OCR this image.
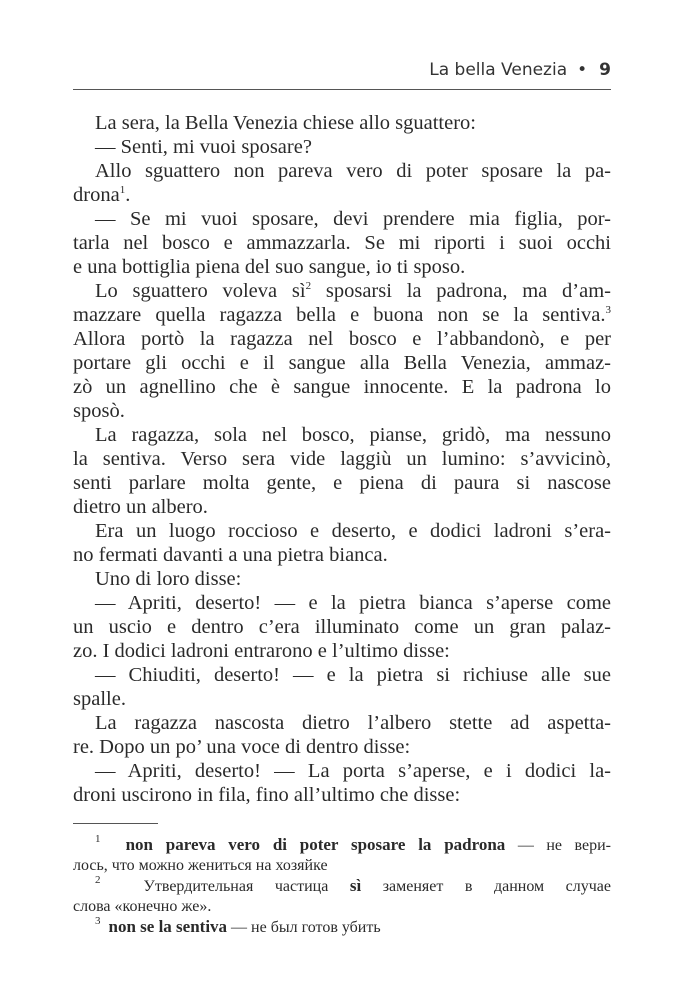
La bella Venezia • 9
La sera, la Bella Venezia chiese allo sguattero:
— Senti, mi vuoi sposare?
Allo sguattero non pareva vero di poter sposare la pa-
drona$^1$.
— Se mi vuoi sposare, devi prendere mia figlia, por-
tarla nel bosco e ammazzarla. Se mi riporti i suoi occhi
e una bottiglia piena del suo sangue, io ti sposo.
Lo sguattero voleva $sì^2$ sposarsi la padrona, ma d’am-
mazzare quella ragazza bella e buona non se la sentiva.$^3$
Allora portò la ragazza nel bosco e l’abbandonò, e per
portare gli occhi e il sangue alla Bella Venezia, ammaz-
zò un agnellino che è sangue innocente. E la padrona lo
sposò.
La ragazza, sola nel bosco, pianse, gridò, ma nessuno
la sentiva. Verso sera vide laggiù un lumino: s’avvicinò,
senti parlare molta gente, e piena di paura si nascose
dietro un albero.
Era un luogo roccioso e deserto, e dodici ladroni s’era-
no fermati davanti a una pietra bianca.
Uno di loro disse:
— Apriti, deserto! — e la pietra bianca s’aperse come
un uscio e dentro c’era illuminato come un gran palaz-
zo. I dodici ladroni entrarono e l’ultimo disse:
— Chiuditi, deserto! — e la pietra si richiuse alle sue
spalle.
La ragazza nascosta dietro l’albero stette ad aspetta-
re. Dopo un po’ una voce di dentro disse:
— Apriti, deserto! — La porta s’aperse, e i dodici la-
droni uscirono in fila, fino all’ultimo che disse:
$^1$ non pareva vero di poter sposare la padrona — не вери-
лось, что можно жениться на хозяйке
$^2$	Утвердительная частица sì заменяет в данном случае
слова «конечно же».
$^3$ non se la sentiva — не был готов убить
